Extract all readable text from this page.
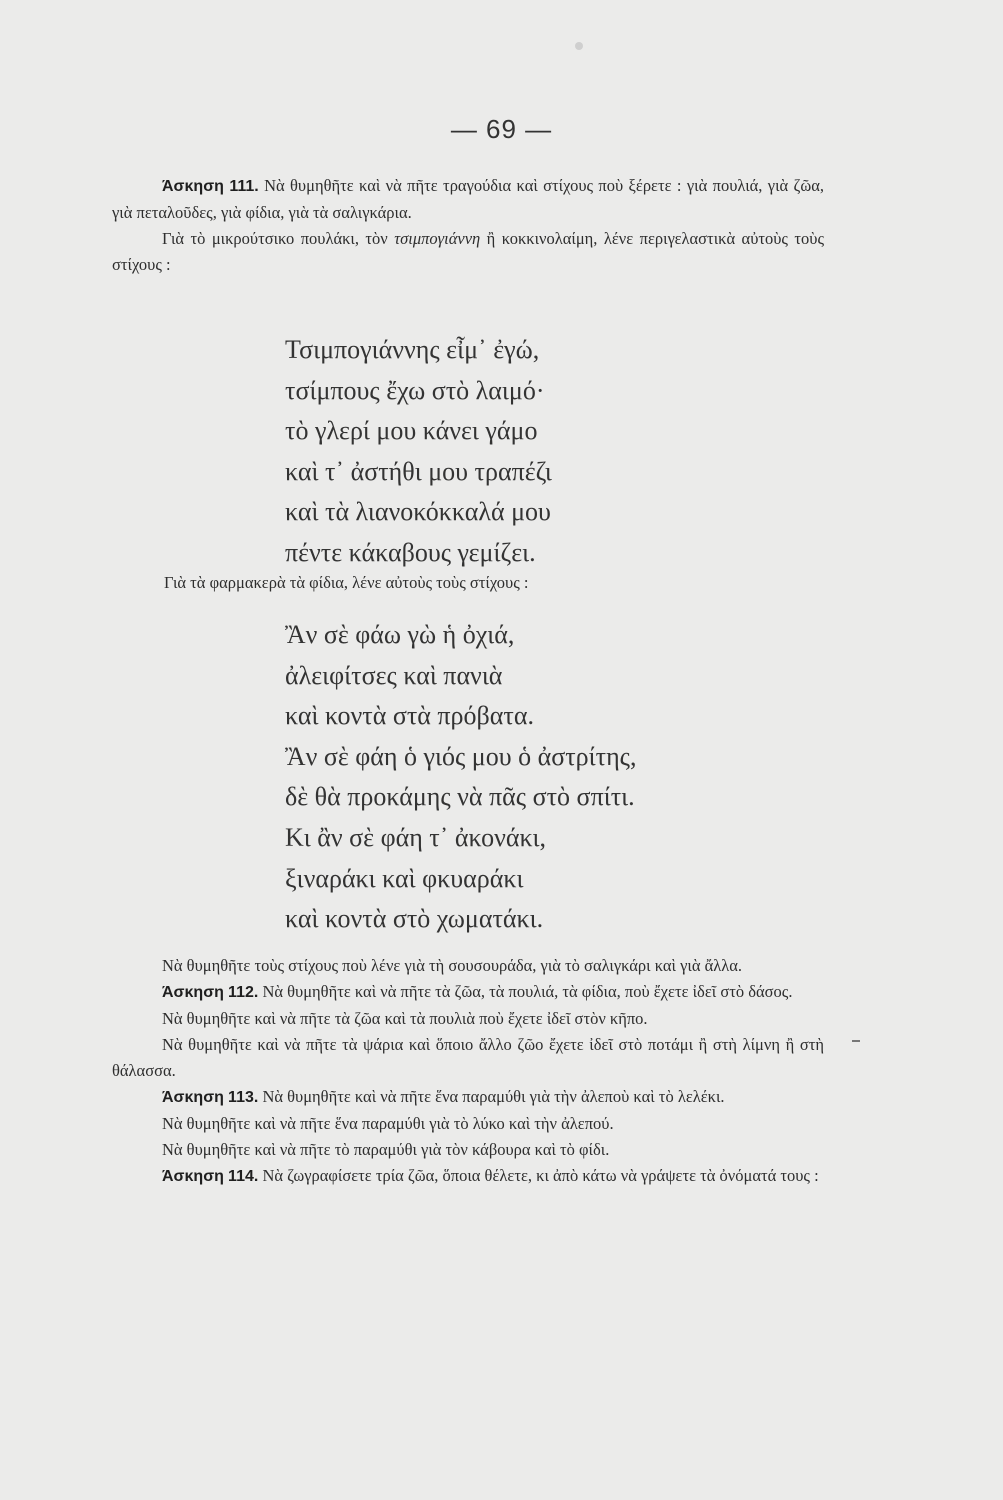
— 69 —

Άσκηση 111. Νὰ θυμηθῆτε καὶ νὰ πῆτε τραγούδια καὶ στίχους ποὺ ξέρετε : γιὰ πουλιά, γιὰ ζῶα, γιὰ πεταλοῦδες, γιὰ φίδια, γιὰ τὰ σαλιγκάρια.

Γιὰ τὸ μικρούτσικο πουλάκι, τὸν τσιμπογιάννη ἢ κοκκινολαίμη, λένε περιγελαστικὰ αὐτοὺς τοὺς στίχους :

Τσιμπογιάννης εἶμ᾽ ἐγώ,
τσίμπους ἔχω στὸ λαιμό·
τὸ γλερί μου κάνει γάμο
καὶ τ᾽ ἀστήθι μου τραπέζι
καὶ τὰ λιανοκόκκαλά μου
πέντε κάκαβους γεμίζει.
Γιὰ τὰ φαρμακερὰ τὰ φίδια, λένε αὐτοὺς τοὺς στίχους :
Ἂν σὲ φάω γὼ ἡ ὀχιά,
ἀλειφίτσες καὶ πανιὰ
καὶ κοντὰ στὰ πρόβατα.
Ἂν σὲ φάη ὁ γιός μου ὁ ἀστρίτης,
δὲ θὰ προκάμης νὰ πᾶς στὸ σπίτι.
Κι ἂν σὲ φάη τ᾽ ἀκονάκι,
ξιναράκι καὶ φκυαράκι
καὶ κοντὰ στὸ χωματάκι.

Νὰ θυμηθῆτε τοὺς στίχους ποὺ λένε γιὰ τὴ σουσουράδα, γιὰ τὸ σαλιγκάρι καὶ γιὰ ἄλλα.

Άσκηση 112. Νὰ θυμηθῆτε καὶ νὰ πῆτε τὰ ζῶα, τὰ πουλιά, τὰ φίδια, ποὺ ἔχετε ἰδεῖ στὸ δάσος.

Νὰ θυμηθῆτε καὶ νὰ πῆτε τὰ ζῶα καὶ τὰ πουλιὰ ποὺ ἔχετε ἰδεῖ στὸν κῆπο.

Νὰ θυμηθῆτε καὶ νὰ πῆτε τὰ ψάρια καὶ ὅποιο ἄλλο ζῶο ἔχετε ἰδεῖ στὸ ποτάμι ἢ στὴ λίμνη ἢ στὴ θάλασσα.

Άσκηση 113. Νὰ θυμηθῆτε καὶ νὰ πῆτε ἕνα παραμύθι γιὰ τὴν ἀλεποὺ καὶ τὸ λελέκι.

Νὰ θυμηθῆτε καὶ νὰ πῆτε ἕνα παραμύθι γιὰ τὸ λύκο καὶ τὴν ἀλεπού.

Νὰ θυμηθῆτε καὶ νὰ πῆτε τὸ παραμύθι γιὰ τὸν κάβουρα καὶ τὸ φίδι.

Άσκηση 114. Νὰ ζωγραφίσετε τρία ζῶα, ὅποια θέλετε, κι ἀπὸ κάτω νὰ γράψετε τὰ ὀνόματά τους :
